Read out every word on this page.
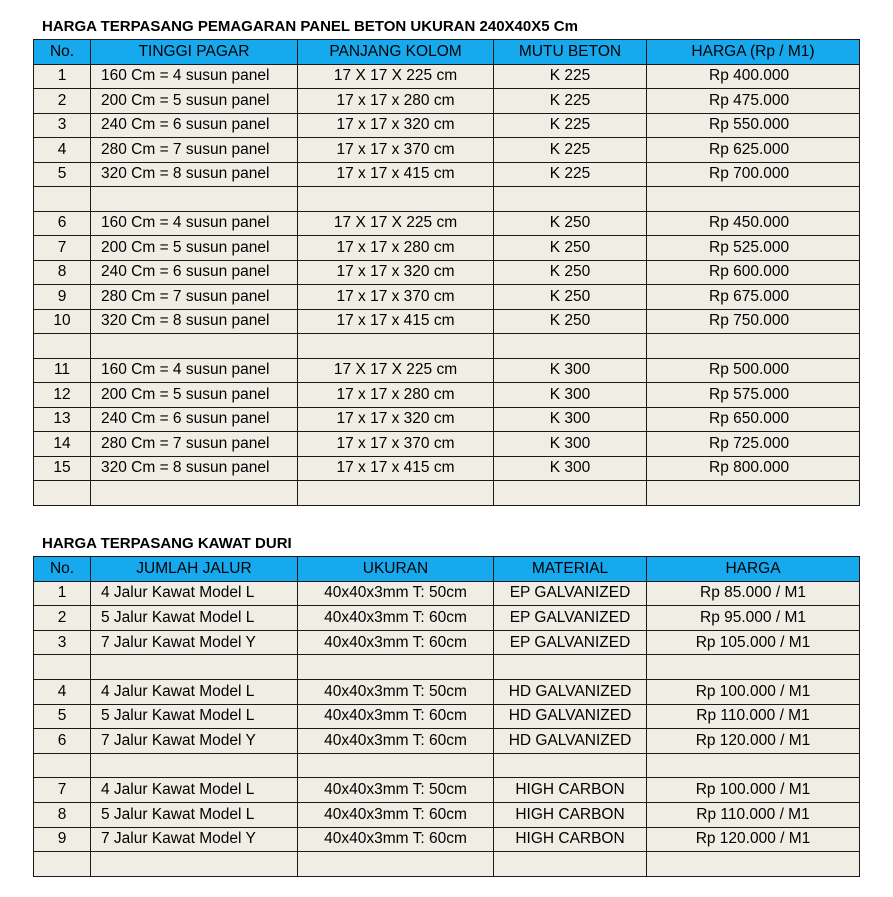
HARGA TERPASANG PEMAGARAN PANEL BETON UKURAN 240X40X5 Cm
No.	TINGGI PAGAR	PANJANG KOLOM	MUTU BETON	HARGA (Rp / M1)
1	160 Cm = 4 susun panel	17 X 17 X 225 cm	K 225	Rp 400.000
2	200 Cm = 5 susun panel	17 x 17 x 280 cm	K 225	Rp 475.000
3	240 Cm = 6 susun panel	17 x 17 x 320 cm	K 225	Rp 550.000
4	280 Cm = 7 susun panel	17 x 17 x 370 cm	K 225	Rp 625.000
5	320 Cm = 8 susun panel	17 x 17 x 415 cm	K 225	Rp 700.000

6	160 Cm = 4 susun panel	17 X 17 X 225 cm	K 250	Rp 450.000
7	200 Cm = 5 susun panel	17 x 17 x 280 cm	K 250	Rp 525.000
8	240 Cm = 6 susun panel	17 x 17 x 320 cm	K 250	Rp 600.000
9	280 Cm = 7 susun panel	17 x 17 x 370 cm	K 250	Rp 675.000
10	320 Cm = 8 susun panel	17 x 17 x 415 cm	K 250	Rp 750.000

11	160 Cm = 4 susun panel	17 X 17 X 225 cm	K 300	Rp 500.000
12	200 Cm = 5 susun panel	17 x 17 x 280 cm	K 300	Rp 575.000
13	240 Cm = 6 susun panel	17 x 17 x 320 cm	K 300	Rp 650.000
14	280 Cm = 7 susun panel	17 x 17 x 370 cm	K 300	Rp 725.000
15	320 Cm = 8 susun panel	17 x 17 x 415 cm	K 300	Rp 800.000

HARGA TERPASANG KAWAT DURI
No.	JUMLAH JALUR	UKURAN	MATERIAL	HARGA
1	4 Jalur Kawat Model L	40x40x3mm T: 50cm	EP GALVANIZED	Rp 85.000 / M1
2	5 Jalur Kawat Model L	40x40x3mm T: 60cm	EP GALVANIZED	Rp 95.000 / M1
3	7 Jalur Kawat Model Y	40x40x3mm T: 60cm	EP GALVANIZED	Rp 105.000 / M1

4	4 Jalur Kawat Model L	40x40x3mm T: 50cm	HD GALVANIZED	Rp 100.000 / M1
5	5 Jalur Kawat Model L	40x40x3mm T: 60cm	HD GALVANIZED	Rp 110.000 / M1
6	7 Jalur Kawat Model Y	40x40x3mm T: 60cm	HD GALVANIZED	Rp 120.000 / M1

7	4 Jalur Kawat Model L	40x40x3mm T: 50cm	HIGH CARBON	Rp 100.000 / M1
8	5 Jalur Kawat Model L	40x40x3mm T: 60cm	HIGH CARBON	Rp 110.000 / M1
9	7 Jalur Kawat Model Y	40x40x3mm T: 60cm	HIGH CARBON	Rp 120.000 / M1
